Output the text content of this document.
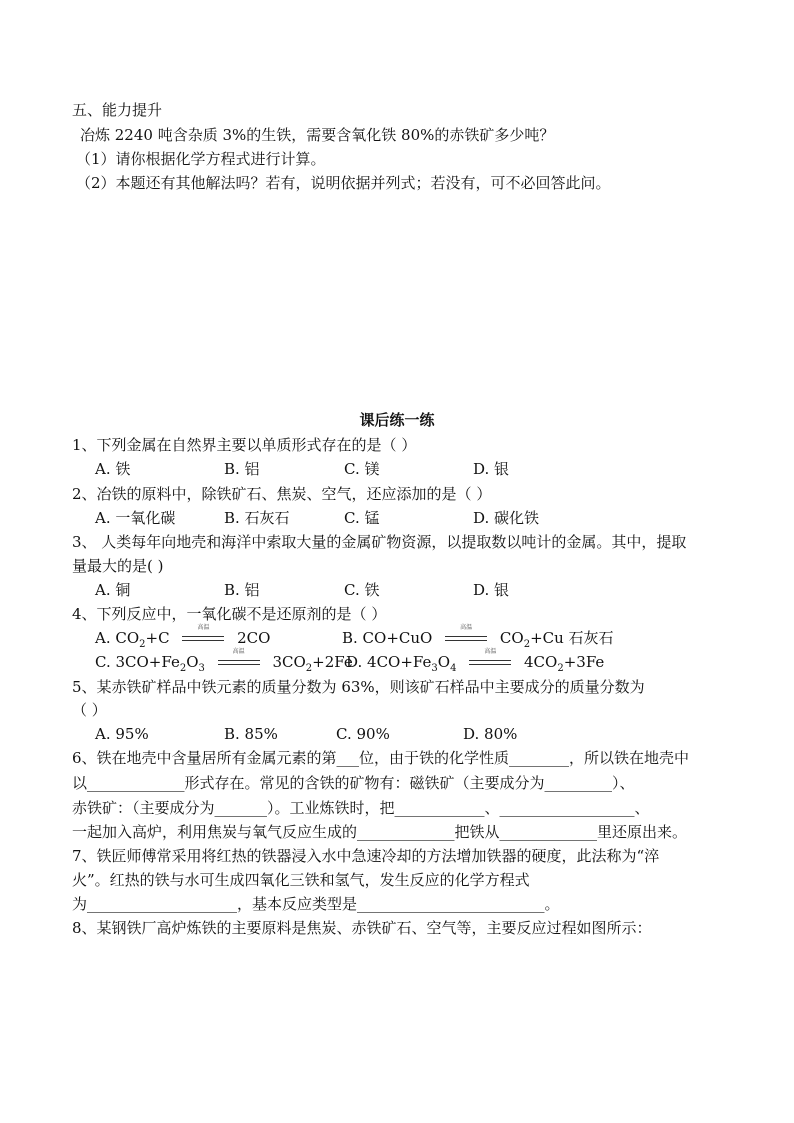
五、能力提升
冶炼 2240 吨含杂质 3%的生铁，需要含氧化铁 80%的赤铁矿多少吨？
（1）请你根据化学方程式进行计算。
（2）本题还有其他解法吗？若有，说明依据并列式；若没有，可不必回答此问。
课后练一练
1、下列金属在自然界主要以单质形式存在的是（ ）
A. 铁	B. 铝	C. 镁	D. 银
2、冶铁的原料中，除铁矿石、焦炭、空气，还应添加的是（ ）
A. 一氧化碳	B. 石灰石	C. 锰	D. 碳化铁
3、 人类每年向地壳和海洋中索取大量的金属矿物资源，以提取数以吨计的金属。其中，提取
量最大的是( )
A. 铜	B. 铝	C. 铁	D. 银
4、下列反应中，一氧化碳不是还原剂的是（ ）
A. $CO_2+C$
高温
2CO	B. CO+CuO
高温
$CO_2+Cu$ 石灰石
C. $3CO+Fe_2O_3$
高温
$3CO_2+2Fe$
D. $4CO+Fe_3O_4$
高温
$4CO_2+3Fe$
5、某赤铁矿样品中铁元素的质量分数为 63%，则该矿石样品中主要成分的质量分数为
（ ）
A. 95%	B. 85%	C. 90%	D. 80%
6、铁在地壳中含量居所有金属元素的第___位，由于铁的化学性质________，所以铁在地壳中
以_____________形式存在。常见的含铁的矿物有：磁铁矿（主要成分为_________）、
赤铁矿：（主要成分为_______）。工业炼铁时，把____________、__________________、
一起加入高炉，利用焦炭与氧气反应生成的_____________把铁从_____________里还原出来。
7、铁匠师傅常采用将红热的铁器浸入水中急速冷却的方法增加铁器的硬度，此法称为“淬
火”。红热的铁与水可生成四氧化三铁和氢气，发生反应的化学方程式
为____________________，基本反应类型是_________________________。
8、某钢铁厂高炉炼铁的主要原料是焦炭、赤铁矿石、空气等，主要反应过程如图所示：
